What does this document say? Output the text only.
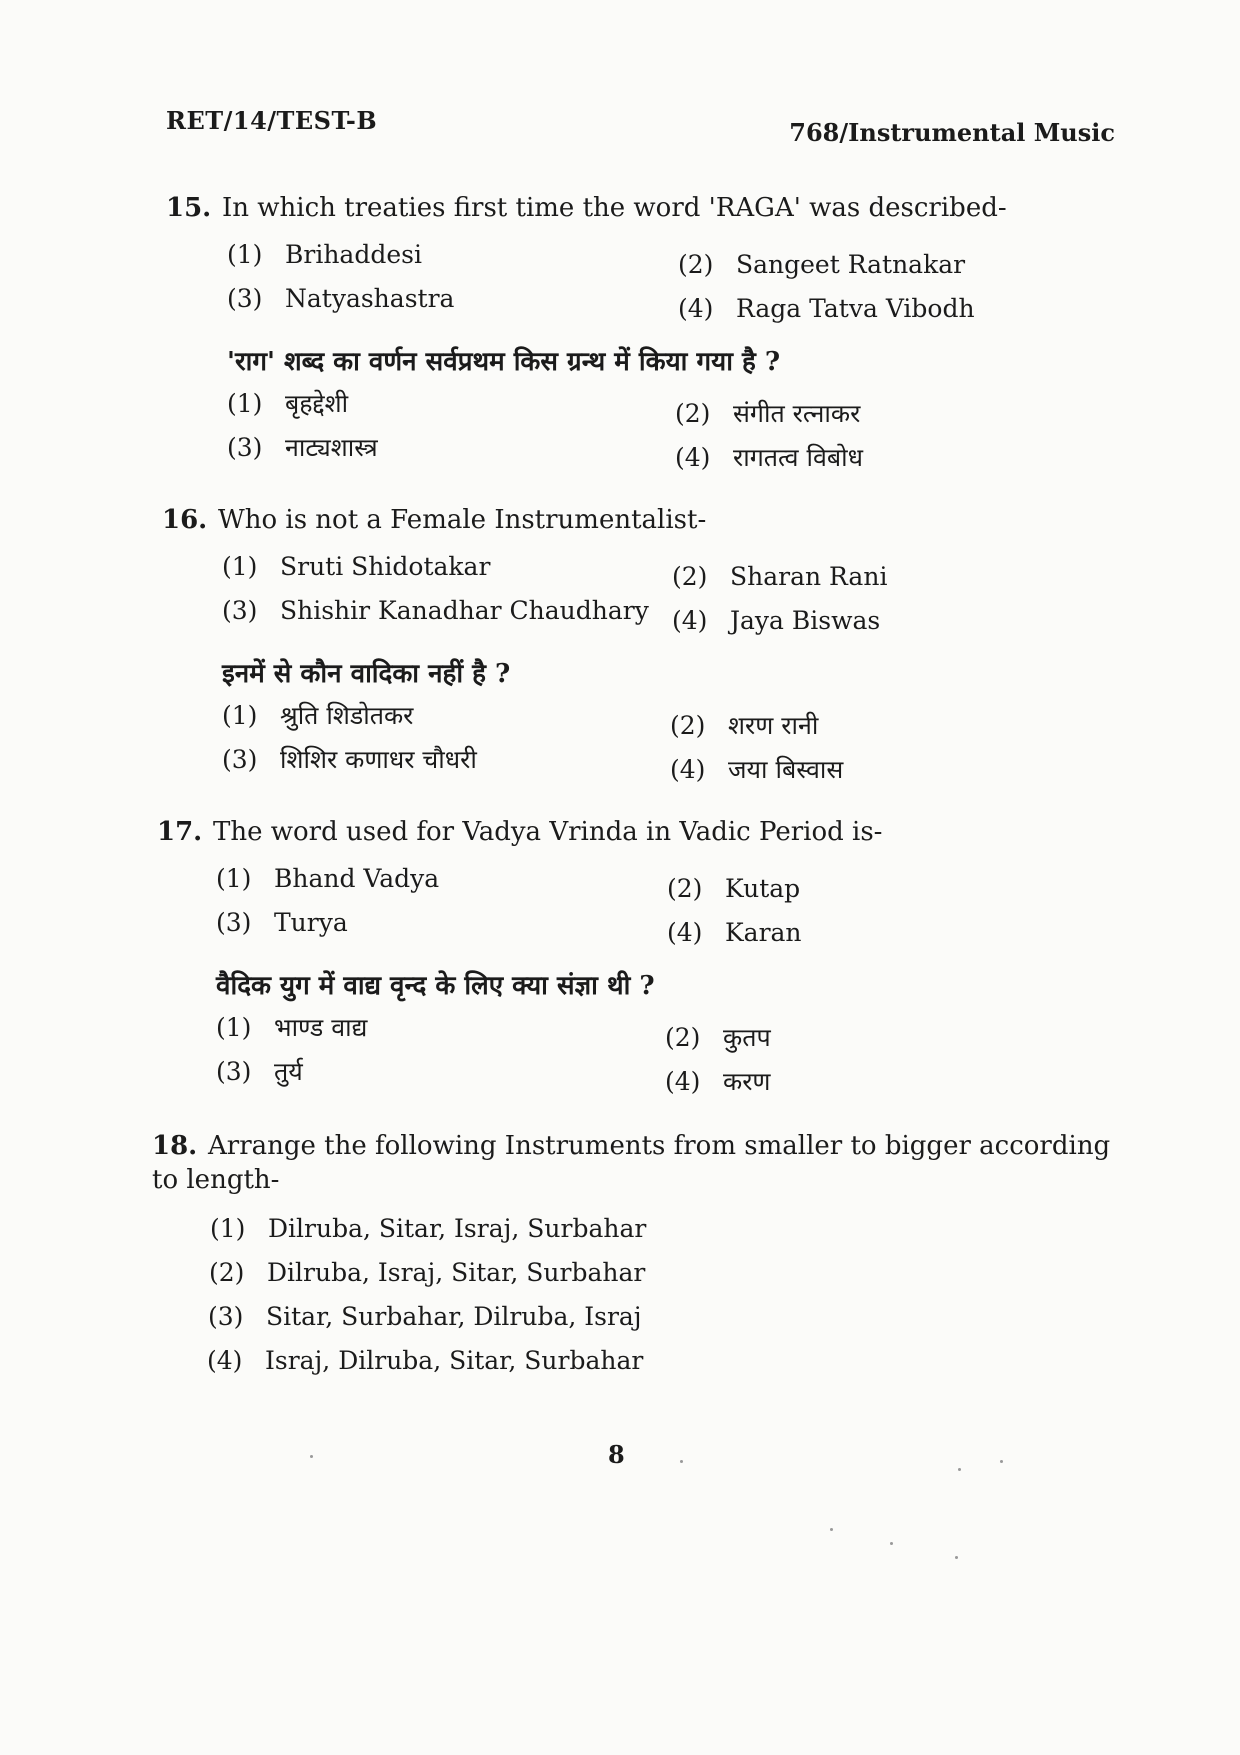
RET/14/TEST-B	768/Instrumental Music
15. In which treaties first time the word 'RAGA' was described-
(1) Brihaddesi	(2) Sangeet Ratnakar
(3) Natyashastra	(4) Raga Tatva Vibodh
'राग' शब्द का वर्णन सर्वप्रथम किस ग्रन्थ में किया गया है ?
(1) बृहद्देशी	(2) संगीत रत्नाकर
(3) नाट्यशास्त्र	(4) रागतत्व विबोध
16. Who is not a Female Instrumentalist-
(1) Sruti Shidotakar	(2) Sharan Rani
(3) Shishir Kanadhar Chaudhary (4) Jaya Biswas
इनमें से कौन वादिका नहीं है ?
(1) श्रुति शिडोतकर	(2) शरण रानी
(3) शिशिर कणाधर चौधरी	(4) जया बिस्वास
17. The word used for Vadya Vrinda in Vadic Period is-
(1) Bhand Vadya	(2) Kutap
(3) Turya	(4) Karan
वैदिक युग में वाद्य वृन्द के लिए क्या संज्ञा थी ?
(1) भाण्ड वाद्य	(2) कुतप
(3) तुर्य	(4) करण
18. Arrange the following Instruments from smaller to bigger according to length-
(1) Dilruba, Sitar, Israj, Surbahar
(2) Dilruba, Israj, Sitar, Surbahar
(3) Sitar, Surbahar, Dilruba, Israj
(4) Israj, Dilruba, Sitar, Surbahar
8
